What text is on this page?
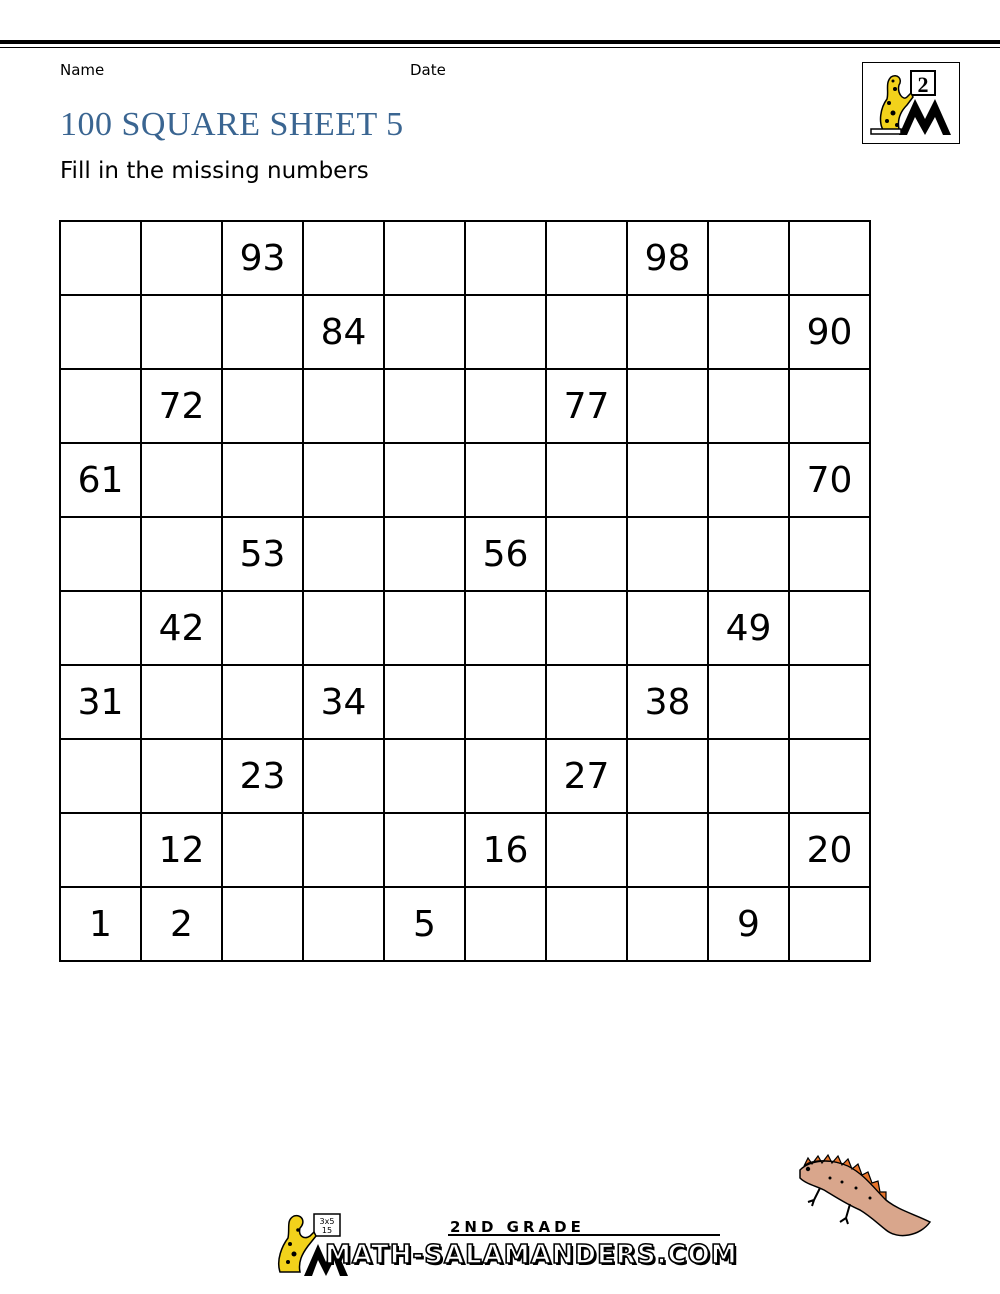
Name	Date
2
100 SQUARE SHEET 5
Fill in the missing numbers
		93					98		
			84						90
	72					77			
61									70
		53			56				
	42							49	
31			34				38		
		23				27			
	12				16				20
1	2			5				9	
3x5
15	2ND GRADE
MATH-SALAMANDERS.COM
